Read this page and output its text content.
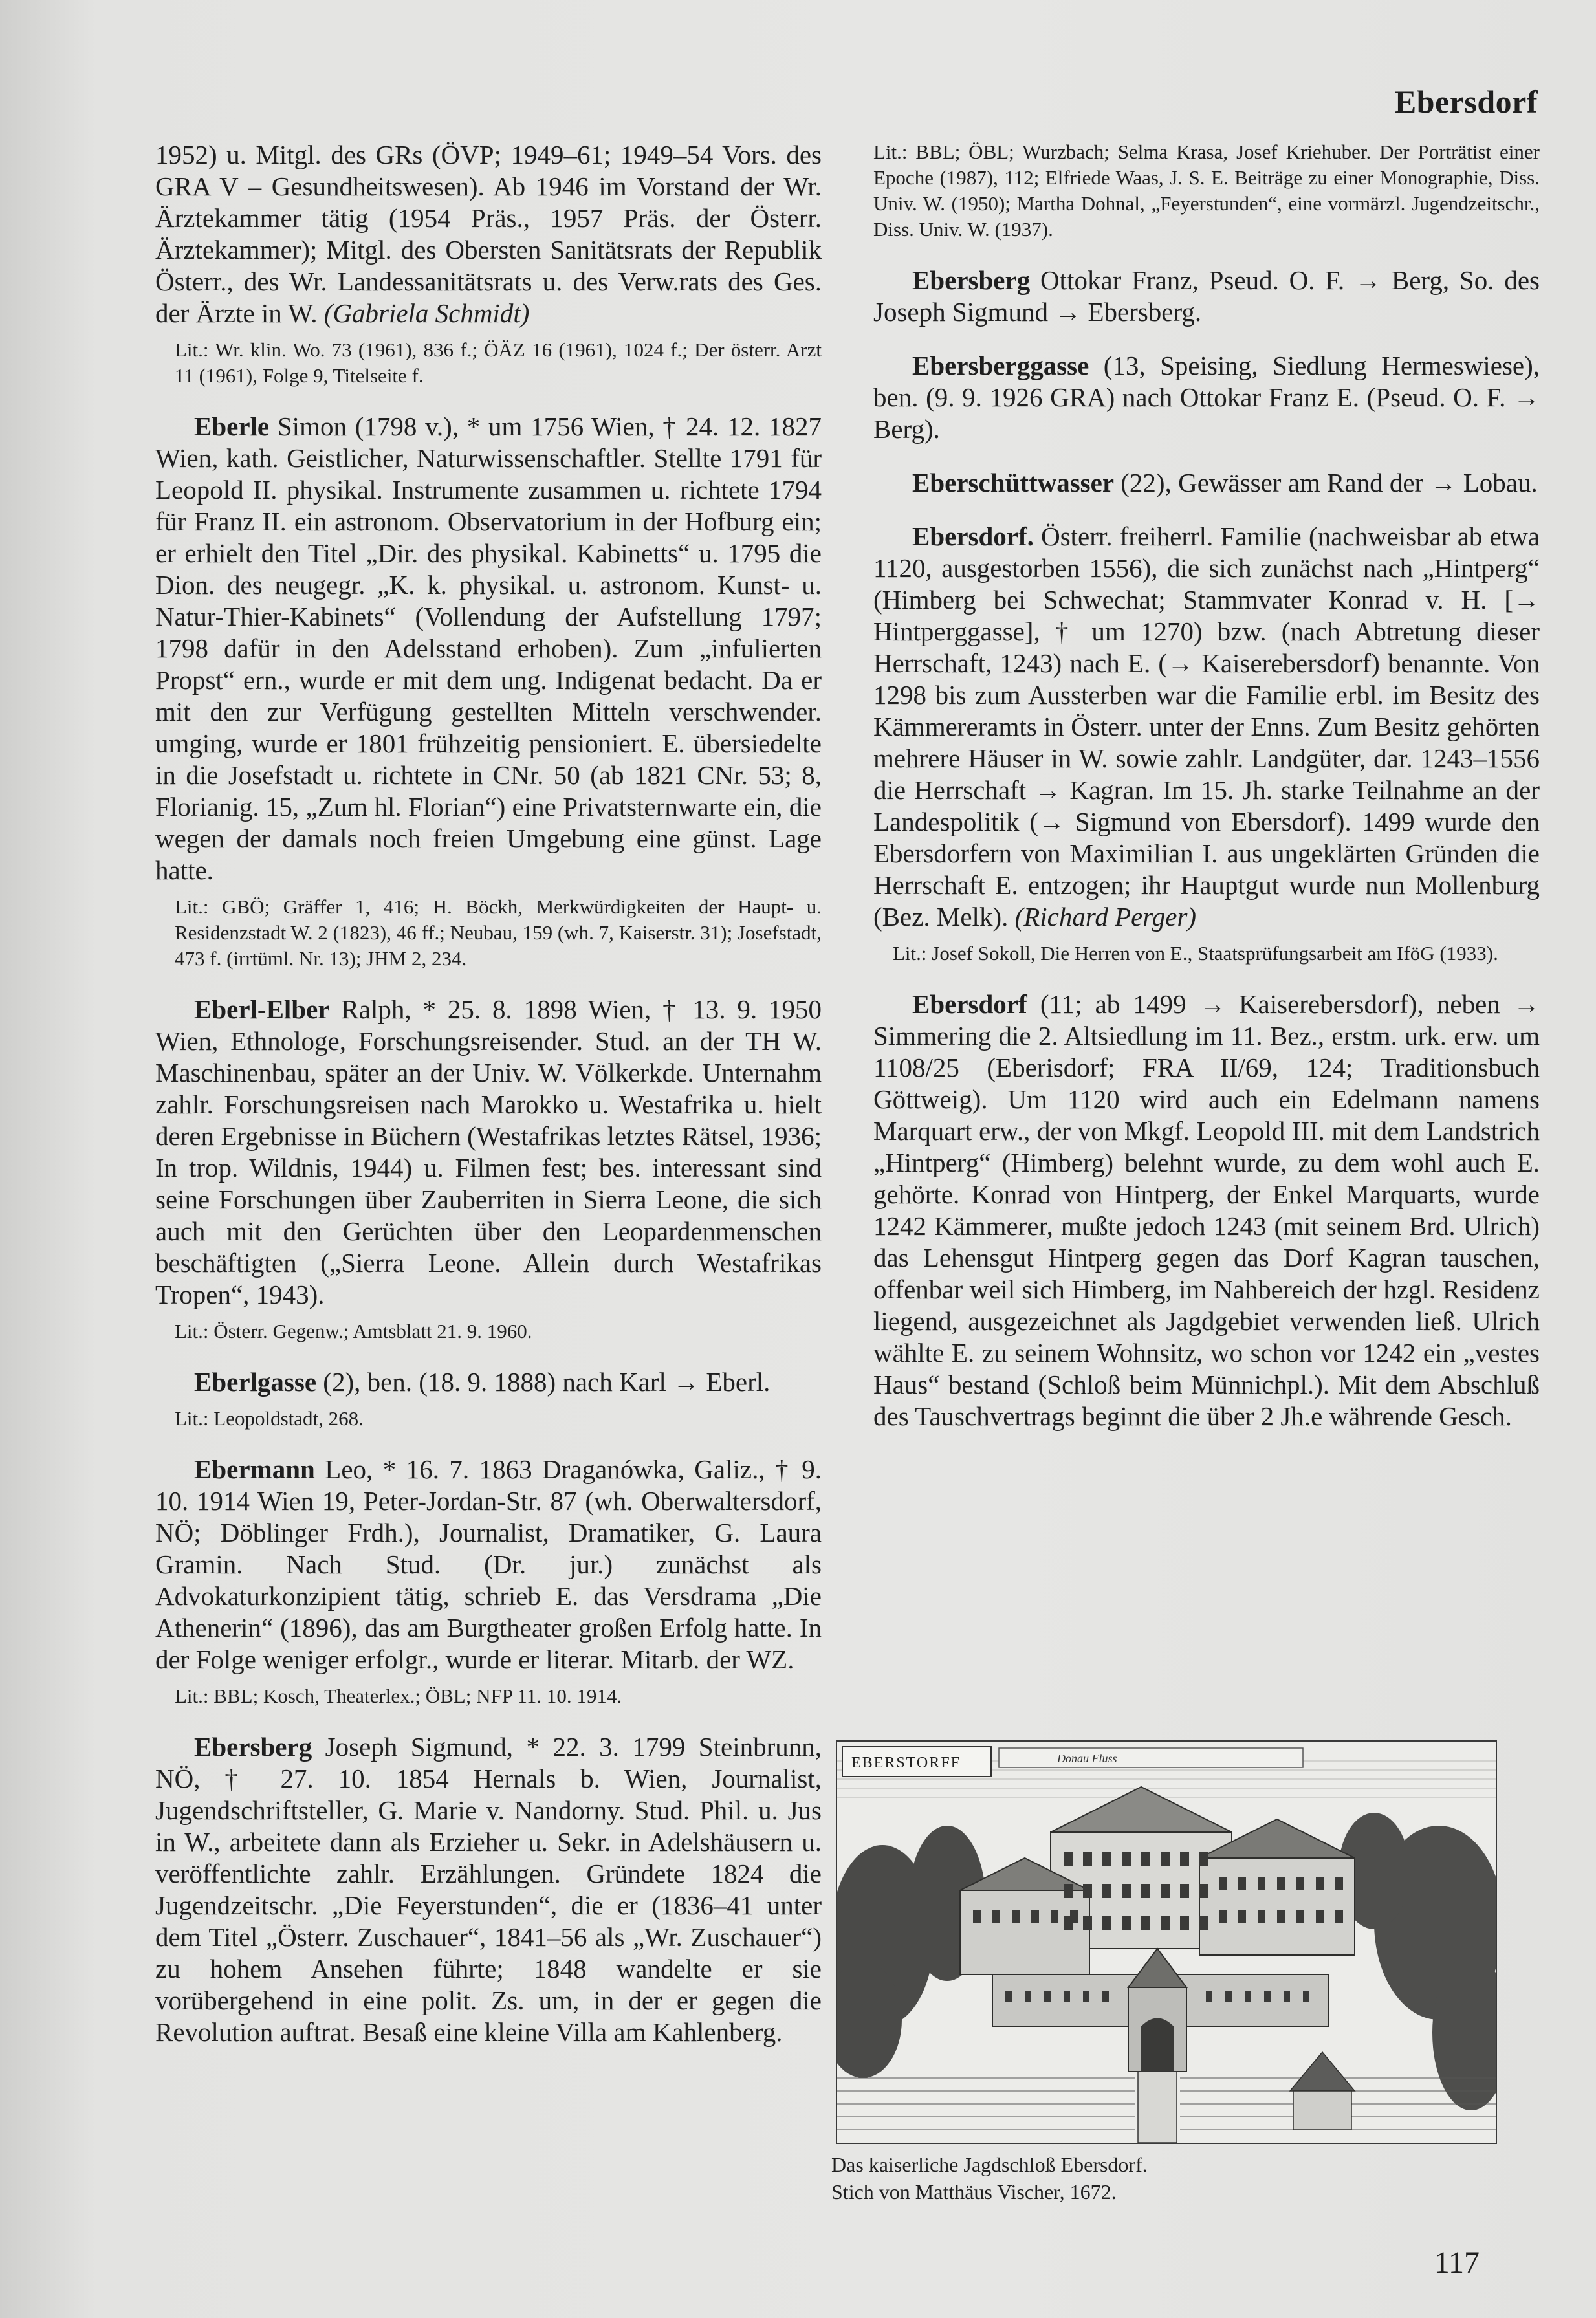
Ebersdorf

1952) u. Mitgl. des GRs (ÖVP; 1949–61; 1949–54 Vors. des GRA V – Gesundheitswesen). Ab 1946 im Vorstand der Wr. Ärztekammer tätig (1954 Präs., 1957 Präs. der Österr. Ärztekammer); Mitgl. des Obersten Sanitätsrats der Republik Österr., des Wr. Landessanitätsrats u. des Verw.rats des Ges. der Ärzte in W. (Gabriela Schmidt)

Lit.: Wr. klin. Wo. 73 (1961), 836 f.; ÖÄZ 16 (1961), 1024 f.; Der österr. Arzt 11 (1961), Folge 9, Titelseite f.

Eberle Simon (1798 v.), * um 1756 Wien, † 24. 12. 1827 Wien, kath. Geistlicher, Naturwissenschaftler. Stellte 1791 für Leopold II. physikal. Instrumente zusammen u. richtete 1794 für Franz II. ein astronom. Observatorium in der Hofburg ein; er erhielt den Titel „Dir. des physikal. Kabinetts“ u. 1795 die Dion. des neugegr. „K. k. physikal. u. astronom. Kunst- u. Natur-Thier-Kabinets“ (Vollendung der Aufstellung 1797; 1798 dafür in den Adelsstand erhoben). Zum „infulierten Propst“ ern., wurde er mit dem ung. Indigenat bedacht. Da er mit den zur Verfügung gestellten Mitteln verschwender. umging, wurde er 1801 frühzeitig pensioniert. E. übersiedelte in die Josefstadt u. richtete in CNr. 50 (ab 1821 CNr. 53; 8, Florianig. 15, „Zum hl. Florian“) eine Privatsternwarte ein, die wegen der damals noch freien Umgebung eine günst. Lage hatte.

Lit.: GBÖ; Gräffer 1, 416; H. Böckh, Merkwürdigkeiten der Haupt- u. Residenzstadt W. 2 (1823), 46 ff.; Neubau, 159 (wh. 7, Kaiserstr. 31); Josefstadt, 473 f. (irrtüml. Nr. 13); JHM 2, 234.

Eberl-Elber Ralph, * 25. 8. 1898 Wien, † 13. 9. 1950 Wien, Ethnologe, Forschungsreisender. Stud. an der TH W. Maschinenbau, später an der Univ. W. Völkerkde. Unternahm zahlr. Forschungsreisen nach Marokko u. Westafrika u. hielt deren Ergebnisse in Büchern (Westafrikas letztes Rätsel, 1936; In trop. Wildnis, 1944) u. Filmen fest; bes. interessant sind seine Forschungen über Zauberriten in Sierra Leone, die sich auch mit den Gerüchten über den Leopardenmenschen beschäftigten („Sierra Leone. Allein durch Westafrikas Tropen“, 1943).

Lit.: Österr. Gegenw.; Amtsblatt 21. 9. 1960.

Eberlgasse (2), ben. (18. 9. 1888) nach Karl → Eberl.

Lit.: Leopoldstadt, 268.

Ebermann Leo, * 16. 7. 1863 Draganówka, Galiz., † 9. 10. 1914 Wien 19, Peter-Jordan-Str. 87 (wh. Oberwaltersdorf, NÖ; Döblinger Frdh.), Journalist, Dramatiker, G. Laura Gramin. Nach Stud. (Dr. jur.) zunächst als Advokaturkonzipient tätig, schrieb E. das Versdrama „Die Athenerin“ (1896), das am Burgtheater großen Erfolg hatte. In der Folge weniger erfolgr., wurde er literar. Mitarb. der WZ.

Lit.: BBL; Kosch, Theaterlex.; ÖBL; NFP 11. 10. 1914.

Ebersberg Joseph Sigmund, * 22. 3. 1799 Steinbrunn, NÖ, † 27. 10. 1854 Hernals b. Wien, Journalist, Jugendschriftsteller, G. Marie v. Nandorny. Stud. Phil. u. Jus in W., arbeitete dann als Erzieher u. Sekr. in Adelshäusern u. veröffentlichte zahlr. Erzählungen. Gründete 1824 die Jugendzeitschr. „Die Feyerstunden“, die er (1836–41 unter dem Titel „Österr. Zuschauer“, 1841–56 als „Wr. Zuschauer“) zu hohem Ansehen führte; 1848 wandelte er sie vorübergehend in eine polit. Zs. um, in der er gegen die Revolution auftrat. Besaß eine kleine Villa am Kahlenberg.

Lit.: BBL; ÖBL; Wurzbach; Selma Krasa, Josef Kriehuber. Der Porträtist einer Epoche (1987), 112; Elfriede Waas, J. S. E. Beiträge zu einer Monographie, Diss. Univ. W. (1950); Martha Dohnal, „Feyerstunden“, eine vormärzl. Jugendzeitschr., Diss. Univ. W. (1937).

Ebersberg Ottokar Franz, Pseud. O. F. → Berg, So. des Joseph Sigmund → Ebersberg.

Ebersberggasse (13, Speising, Siedlung Hermeswiese), ben. (9. 9. 1926 GRA) nach Ottokar Franz E. (Pseud. O. F. → Berg).

Eberschüttwasser (22), Gewässer am Rand der → Lobau.

Ebersdorf. Österr. freiherrl. Familie (nachweisbar ab etwa 1120, ausgestorben 1556), die sich zunächst nach „Hintperg“ (Himberg bei Schwechat; Stammvater Konrad v. H. [→ Hintperggasse], † um 1270) bzw. (nach Abtretung dieser Herrschaft, 1243) nach E. (→ Kaiserebersdorf) benannte. Von 1298 bis zum Aussterben war die Familie erbl. im Besitz des Kämmereramts in Österr. unter der Enns. Zum Besitz gehörten mehrere Häuser in W. sowie zahlr. Landgüter, dar. 1243–1556 die Herrschaft → Kagran. Im 15. Jh. starke Teilnahme an der Landespolitik (→ Sigmund von Ebersdorf). 1499 wurde den Ebersdorfern von Maximilian I. aus ungeklärten Gründen die Herrschaft E. entzogen; ihr Hauptgut wurde nun Mollenburg (Bez. Melk). (Richard Perger)

Lit.: Josef Sokoll, Die Herren von E., Staatsprüfungsarbeit am IföG (1933).

Ebersdorf (11; ab 1499 → Kaiserebersdorf), neben → Simmering die 2. Altsiedlung im 11. Bez., erstm. urk. erw. um 1108/25 (Eberisdorf; FRA II/69, 124; Traditionsbuch Göttweig). Um 1120 wird auch ein Edelmann namens Marquart erw., der von Mkgf. Leopold III. mit dem Landstrich „Hintperg“ (Himberg) belehnt wurde, zu dem wohl auch E. gehörte. Konrad von Hintperg, der Enkel Marquarts, wurde 1242 Kämmerer, mußte jedoch 1243 (mit seinem Brd. Ulrich) das Lehensgut Hintperg gegen das Dorf Kagran tauschen, offenbar weil sich Himberg, im Nahbereich der hzgl. Residenz liegend, ausgezeichnet als Jagdgebiet verwenden ließ. Ulrich wählte E. zu seinem Wohnsitz, wo schon vor 1242 ein „vestes Haus“ bestand (Schloß beim Münnichpl.). Mit dem Abschluß des Tauschvertrags beginnt die über 2 Jh.e währende Gesch.

EBERSTORFF	Donau Fluss
Das kaiserliche Jagdschloß Ebersdorf.
Stich von Matthäus Vischer, 1672.
117
